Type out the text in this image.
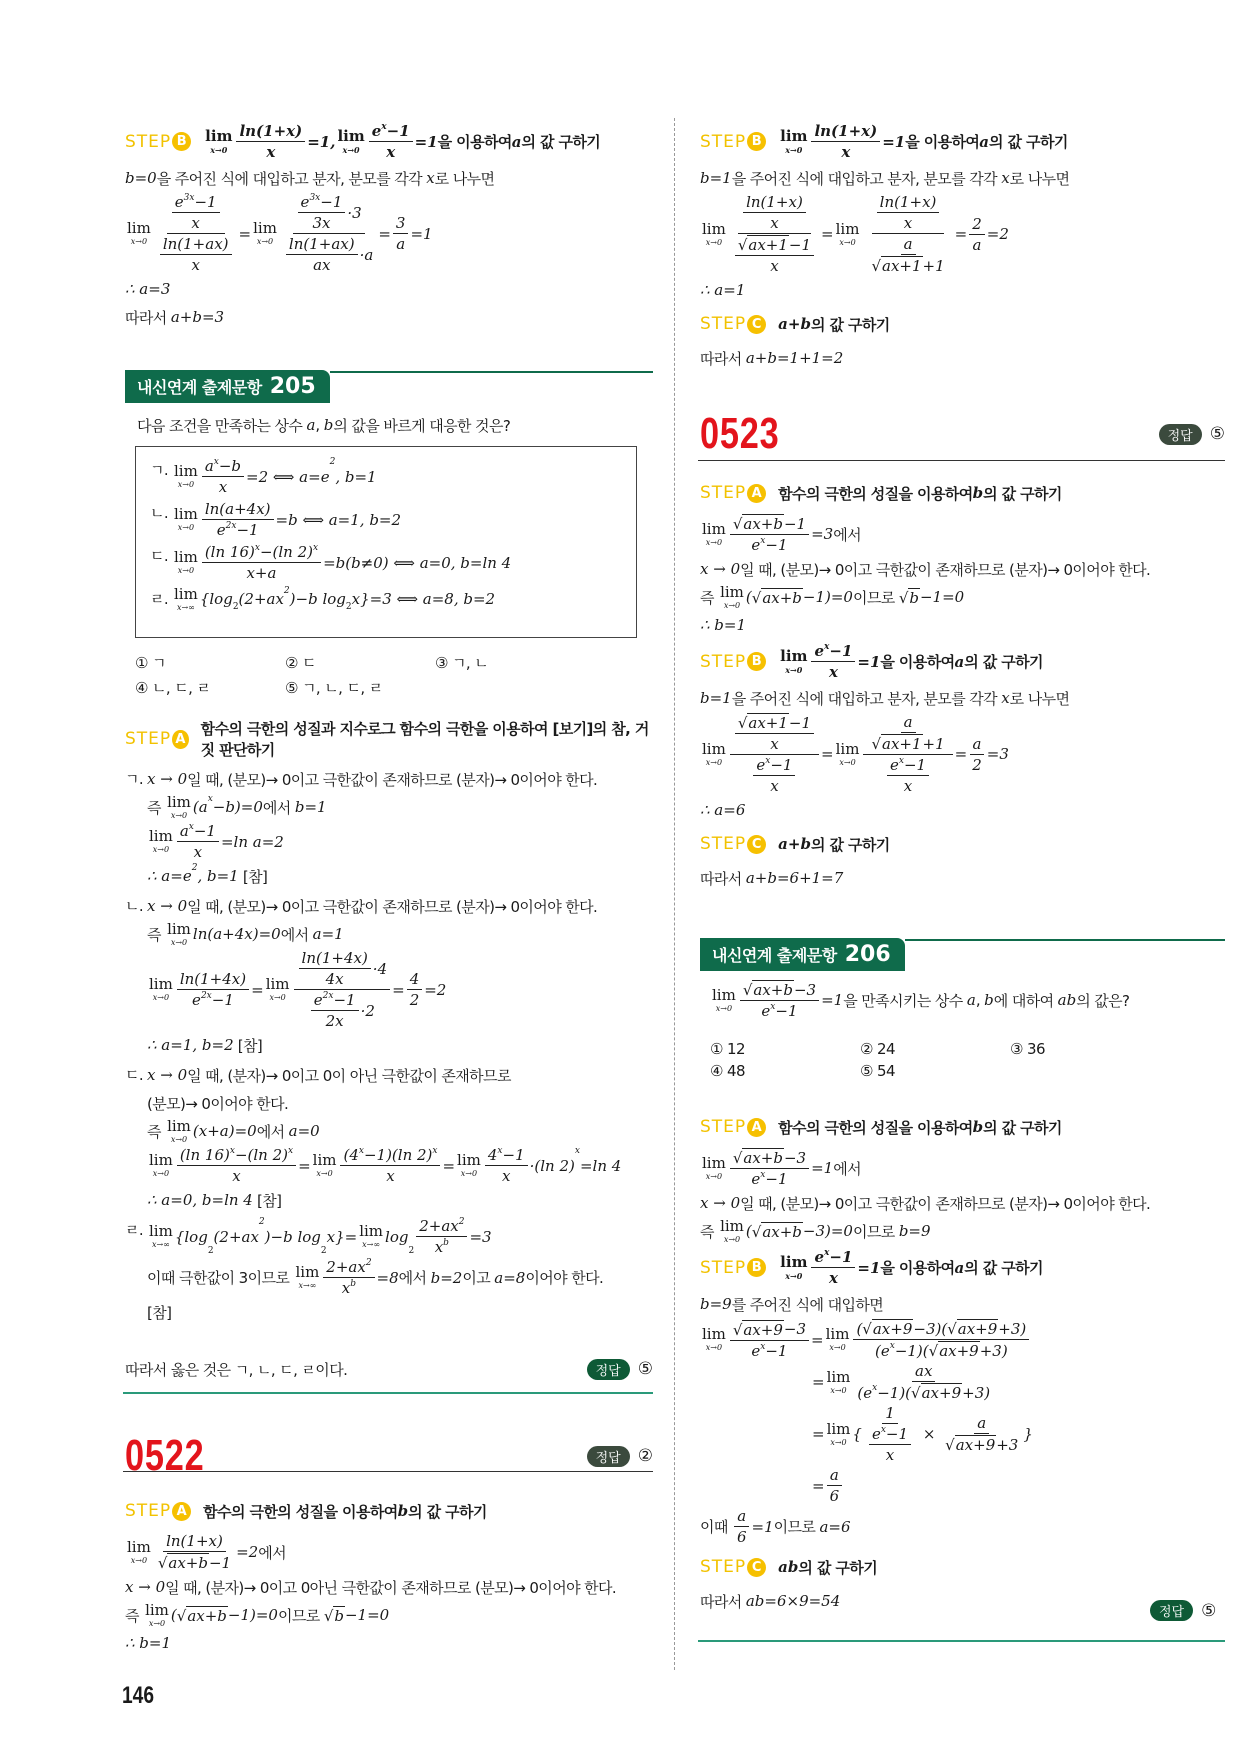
STEP B	lim
$x\to 0 \frac{\ln(1+x)}{x} =1$, lim
$x\to 0 \frac{\text{e x −1}}{x} =1$ 을 이용하여 a 의 값 구하기
b=0 을 주어진 식에 대입하고 분자, 분모를 각각 x 로 나누면
lim
$x\to 0 \frac{\frac{e 3x -1}{x}}{\frac{\ln(1+ax)}{x}} = \lim$
$x\to 0 \frac{\frac{e 3x -1}{3x} \cdot 3}{\frac{\ln(1+ax)}{ax} \cdot a} = \frac{3}{a} =1$
∴ a=3
따라서 a+b=3
내신연계 출제문항 205
다음 조건을 만족하는 상수 a , b 의 값을 바르게 대응한 것은?
ㄱ. lim
$x\to 0 \frac{\text{a x −b}}{x} =2$ ⟺ a=e
2
, b=1
ㄴ. lim
$x\to 0 \frac{\ln(a+4x)}{e 2x -1} =b$ ⟺ a=1, b=2
ㄷ. lim
$x\to 0 \frac{(\ln 16) x -(\ln 2) x}{x+a} =b(b\ne 0)$ ⟺ a=0, b=ln 4
ㄹ. lim
x→∞ {log 2 (2+ax 2 )−b log 2 x}=3 ⟺ a=8, b=2
① ㄱ	② ㄷ	③ ㄱ, ㄴ
④ ㄴ, ㄷ, ㄹ	⑤ ㄱ, ㄴ, ㄷ, ㄹ
STEP A
함수의 극한의 성질과 지수로그 함수의 극한을 이용하여 [보기]의 참, 거짓 판단하기
ㄱ. x → 0 일 때, (분모)→ 0이고 극한값이 존재하므로 (분자)→ 0이어야 한다.
즉 lim
x→0 (a x −b)=0 에서 b=1
lim
$x\to 0 \frac{\text{a x −1}}{x} =\ln$ a=2
∴ a=e 2 , b=1 [참]
ㄴ. x → 0 일 때, (분모)→ 0이고 극한값이 존재하므로 (분자)→ 0이어야 한다.
즉 lim
x→0 ln(a+4x)=0 에서 a=1
lim
$x\to 0 \frac{\ln(1+4x)}{e 2x -1} = \lim$
$x\to 0 \frac{\frac{\ln(1+4x)}{4x} \cdot 4}{\frac{e 2x -1}{2x} \cdot 2} = \frac{4}{2} =2$
∴ a=1, b=2 [참]
ㄷ. x → 0 일 때, (분자)→ 0이고 0이 아닌 극한값이 존재하므로
(분모)→ 0이어야 한다.
즉 lim
x→0 (x+a)=0 에서 a=0
lim
$x\to 0 \frac{(\ln 16) x -(\ln 2) x}{x} = \lim$
$x\to 0 \frac{(4 x -1)(\ln 2) x}{x} = \lim$
$x\to 0 \frac{4 x -1}{x} \cdot(\ln$ 2)
x
=ln 4
∴ a=0, b=ln 4 [참]
ㄹ. lim
x→∞ {log
2
(2+ax
2
)−b log
2
x}= lim
x→∞ log
$2 \frac{2+ax 2}{\text{x b}} =3$
이때 극한값이 3이므로 lim
$x\to\infty \frac{2+ax 2}{\text{x b}} =8$ 에서 b=2 이고 a=8 이어야 한다.
[참]
따라서 옳은 것은 ㄱ, ㄴ, ㄷ, ㄹ이다.	정답	⑤
0522	정답	②
STEP A 함수의 극한의 성질을 이용하여 b 의 값 구하기
lim
$x\to 0 \frac{\ln(1+x)}{√ ax+b -1} =2$ 에서
x → 0 일 때, (분자)→ 0이고 0아닌 극한값이 존재하므로 (분모)→ 0이어야 한다.
즉 lim
x→0 ( √ ax+b −1)=0 이므로 √ b −1=0
∴ b=1
146
STEP B	lim
$x\to 0 \frac{\ln(1+x)}{x} =1$ 을 이용하여 a 의 값 구하기
b=1 을 주어진 식에 대입하고 분자, 분모를 각각 x 로 나누면
lim
$x\to 0 \frac{\frac{\ln(1+x)}{x}}{\frac{√ ax+1 -1}{x}} = \lim$
$x\to 0 \frac{\frac{\ln(1+x)}{x}}{\frac{a}{√ ax+1 +1}} = \frac{2}{a} =2$
∴ a=1
STEP C	a+b 의 값 구하기
따라서 a+b=1+1=2
0523	정답	⑤
STEP A 함수의 극한의 성질을 이용하여 b 의 값 구하기
lim
$x\to 0 \frac{√ ax+b -1}{\text{e x −1}} =3$ 에서
x → 0 일 때, (분모)→ 0이고 극한값이 존재하므로 (분자)→ 0이어야 한다.
즉 lim
x→0 ( √ ax+b −1)=0 이므로 √ b −1=0
∴ b=1
STEP B	lim
$x\to 0 \frac{\text{e x −1}}{x} =1$ 을 이용하여 a 의 값 구하기
b=1 을 주어진 식에 대입하고 분자, 분모를 각각 x 로 나누면
lim
$x\to 0 \frac{\frac{√ ax+1 -1}{x}}{\frac{\text{e x −1}}{x}} = \lim$
$x\to 0 \frac{\frac{a}{√ ax+1 +1}}{\frac{\text{e x −1}}{x}} = \frac{a}{2} =3$
∴ a=6
STEP C	a+b 의 값 구하기
따라서 a+b=6+1=7
내신연계 출제문항 206
lim
$x\to 0 \frac{√ ax+b -3}{\text{e x −1}} =1$ 을 만족시키는 상수 a , b 에 대하여 ab 의 값은?
① 12	② 24	③ 36
④ 48	⑤ 54
STEP A 함수의 극한의 성질을 이용하여 b 의 값 구하기
lim
$x\to 0 \frac{√ ax+b -3}{\text{e x −1}} =1$ 에서
x → 0 일 때, (분모)→ 0이고 극한값이 존재하므로 (분자)→ 0이어야 한다.
즉 lim
x→0 ( √ ax+b −3)=0 이므로 b=9
STEP B	lim
$x\to 0 \frac{\text{e x −1}}{x} =1$ 을 이용하여 a 의 값 구하기
b=9 를 주어진 식에 대입하면
lim
$x\to 0 \frac{√ ax+9 -3}{\text{e x −1}} = \lim$
$x\to 0 \frac{( √ ax+9 -3)( √ ax+9 +3)}{\text{(e x −1)( √ ax+9 +3)}}$
= lim
$x\to 0 \frac{ax}{\text{(e x −1)( √ ax+9 +3)}}$
= lim
x→0 { $\frac{1}{\frac{\text{e x −1}}{x}} \times \frac{a}{√ ax+9 +3}$ }
= $\frac{a}{6}$
이때 $\frac{a}{6} =1$ 이므로 a=6
STEP C	ab 의 값 구하기
따라서 ab=6×9=54
정답	⑤
